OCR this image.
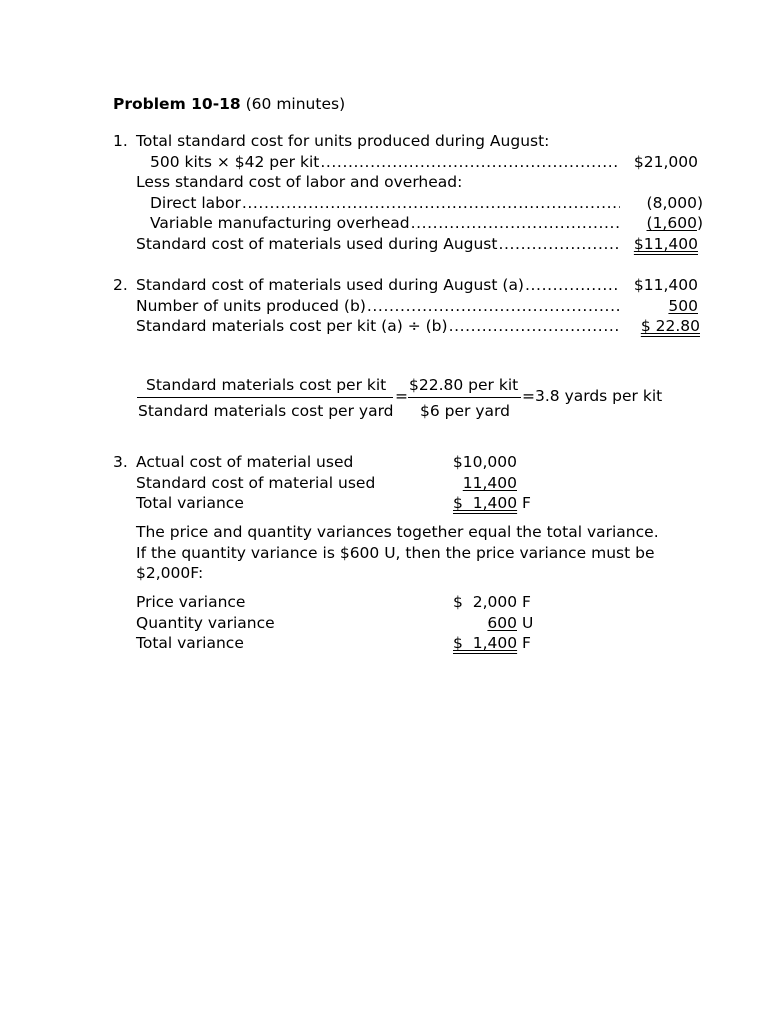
Problem 10-18 (60 minutes)
1. Total standard cost for units produced during August:
500 kits × $42 per kit .....	$21,000
Less standard cost of labor and overhead:
Direct labor .....	(8,000)
Variable manufacturing overhead .....	(1,600)
Standard cost of materials used during August .....	$11,400
2. Standard cost of materials used during August (a) .....	$11,400
Number of units produced (b) .....	500
Standard materials cost per kit (a) ÷ (b) .....	$ 22.80
Standard materials cost per kit
Standard materials cost per yard
=
$22.80 per kit
$6 per yard
=3.8 yards per kit
3. Actual cost of material used	$10,000
Standard cost of material used	11,400
Total variance	$  1,400 F
The price and quantity variances together equal the total variance.
If the quantity variance is $600 U, then the price variance must be
$2,000F:
Price variance	$  2,000 F
Quantity variance	600 U
Total variance	$  1,400 F
